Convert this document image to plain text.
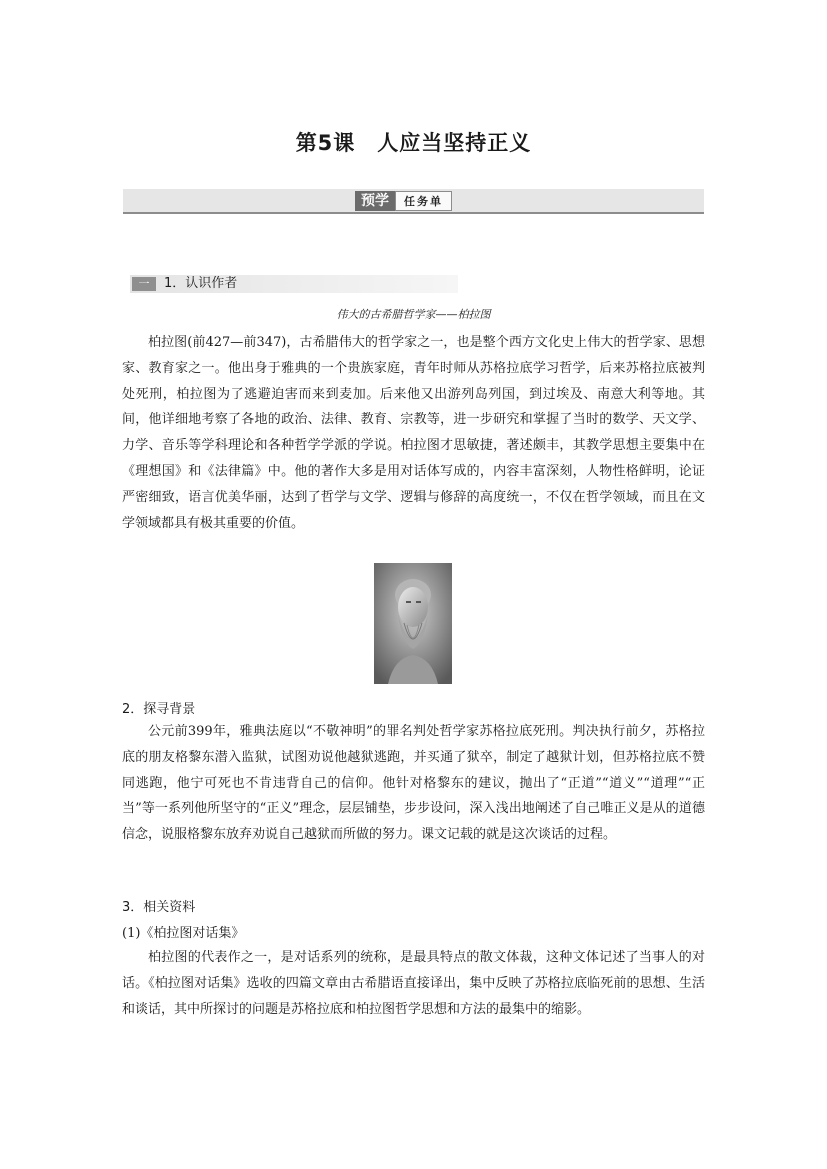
第5课　人应当坚持正义
预学	任务单
一	1．认识作者
伟大的古希腊哲学家——柏拉图

柏拉图(前427—前347)，古希腊伟大的哲学家之一，也是整个西方文化史上伟大的哲学家、思想家、教育家之一。他出身于雅典的一个贵族家庭，青年时师从苏格拉底学习哲学，后来苏格拉底被判处死刑，柏拉图为了逃避迫害而来到麦加。后来他又出游列岛列国，到过埃及、南意大利等地。其间，他详细地考察了各地的政治、法律、教育、宗教等，进一步研究和掌握了当时的数学、天文学、力学、音乐等学科理论和各种哲学学派的学说。柏拉图才思敏捷，著述颇丰，其教学思想主要集中在《理想国》和《法律篇》中。他的著作大多是用对话体写成的，内容丰富深刻，人物性格鲜明，论证严密细致，语言优美华丽，达到了哲学与文学、逻辑与修辞的高度统一，不仅在哲学领域，而且在文学领域都具有极其重要的价值。

2．探寻背景

公元前399年，雅典法庭以“不敬神明”的罪名判处哲学家苏格拉底死刑。判决执行前夕，苏格拉底的朋友格黎东潜入监狱，试图劝说他越狱逃跑，并买通了狱卒，制定了越狱计划，但苏格拉底不赞同逃跑，他宁可死也不肯违背自己的信仰。他针对格黎东的建议，抛出了“正道”“道义”“道理”“正当”等一系列他所坚守的“正义”理念，层层铺垫，步步设问，深入浅出地阐述了自己唯正义是从的道德信念，说服格黎东放弃劝说自己越狱而所做的努力。课文记载的就是这次谈话的过程。

3．相关资料
(1)《柏拉图对话集》

柏拉图的代表作之一，是对话系列的统称，是最具特点的散文体裁，这种文体记述了当事人的对话。《柏拉图对话集》选收的四篇文章由古希腊语直接译出，集中反映了苏格拉底临死前的思想、生活和谈话，其中所探讨的问题是苏格拉底和柏拉图哲学思想和方法的最集中的缩影。
